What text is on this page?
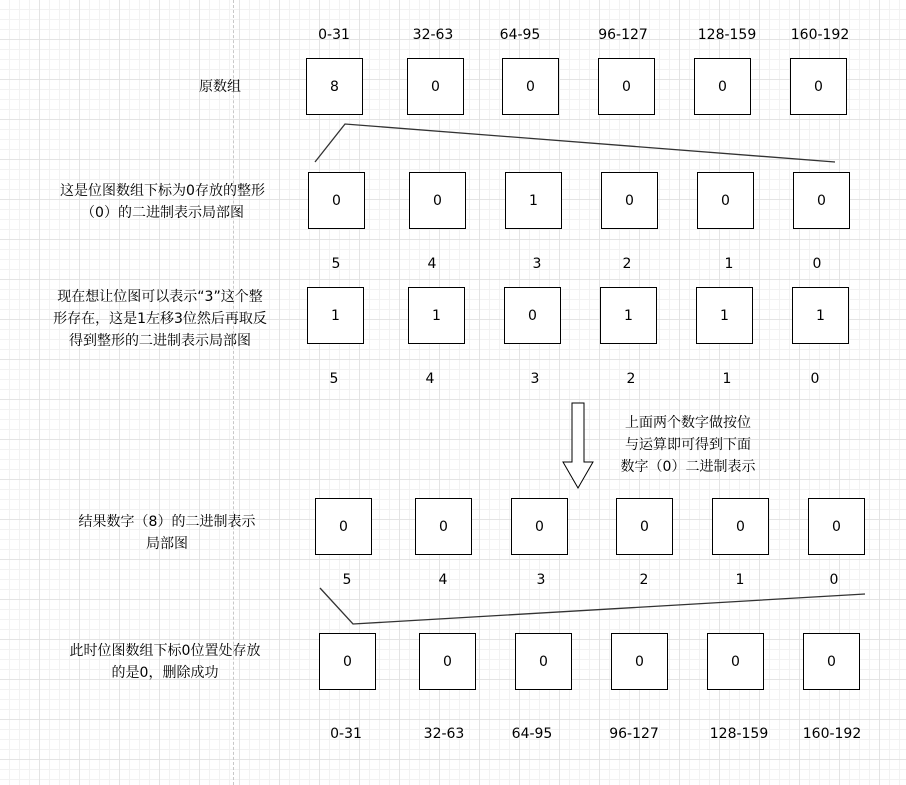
0-31	32-63	64-95	96-127	128-159	160-192
原数组	8	0	0	0	0	0
这是位图数组下标为0存放的整形
（0）的二进制表示局部图
0	0	1	0	0	0
5	4	3	2	1	0
现在想让位图可以表示“3”这个整
形存在，这是1左移3位然后再取反
得到整形的二进制表示局部图
1	1	0	1	1	1
5	4	3	2	1	0
上面两个数字做按位
与运算即可得到下面
数字（0）二进制表示
结果数字（8）的二进制表示
局部图
0	0	0	0	0	0
5	4	3	2	1	0
此时位图数组下标0位置处存放
的是0，删除成功
0	0	0	0	0	0
0-31	32-63	64-95	96-127	128-159	160-192
